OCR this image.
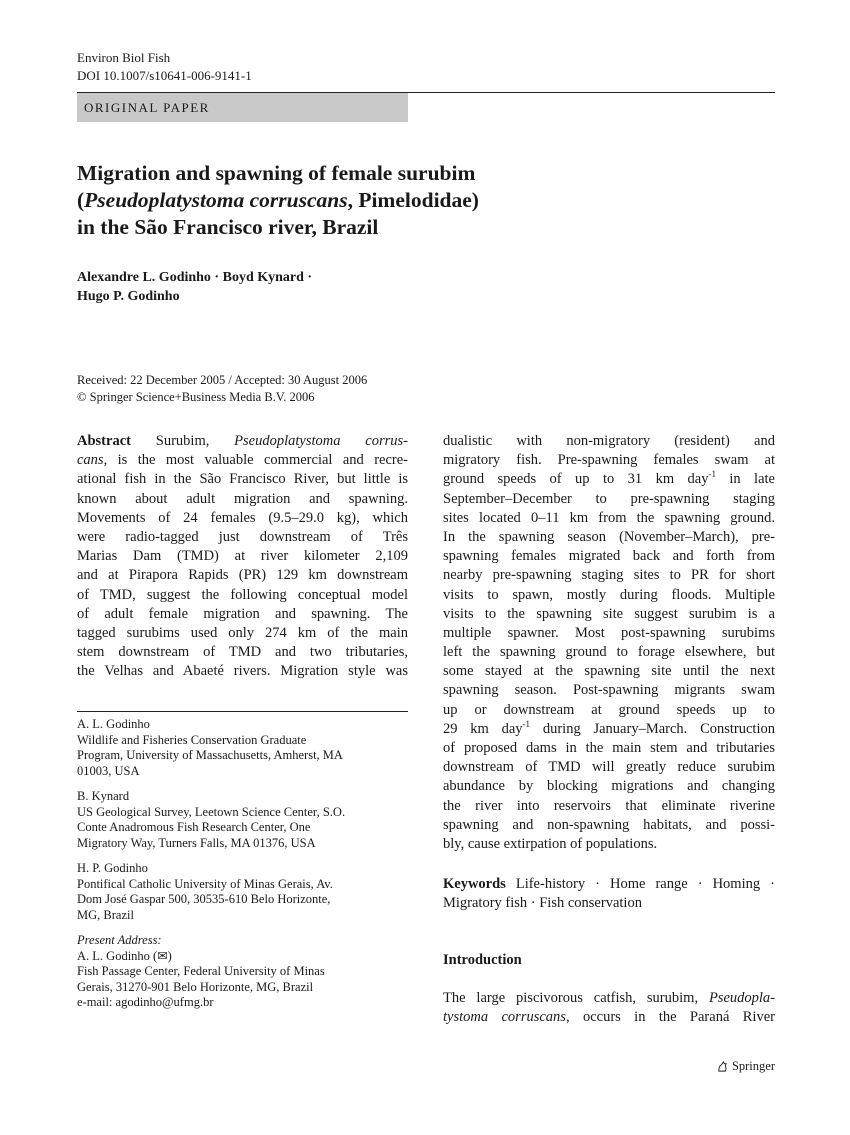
Environ Biol Fish
DOI 10.1007/s10641-006-9141-1
ORIGINAL PAPER
Migration and spawning of female surubim
(Pseudoplatystoma corruscans, Pimelodidae)
in the São Francisco river, Brazil
Alexandre L. Godinho · Boyd Kynard ·
Hugo P. Godinho
Received: 22 December 2005 / Accepted: 30 August 2006
© Springer Science+Business Media B.V. 2006
Abstract Surubim, Pseudoplatystoma corrus-
cans, is the most valuable commercial and recre-
ational fish in the São Francisco River, but little is
known about adult migration and spawning.
Movements of 24 females (9.5–29.0 kg), which
were radio-tagged just downstream of Três
Marias Dam (TMD) at river kilometer 2,109
and at Pirapora Rapids (PR) 129 km downstream
of TMD, suggest the following conceptual model
of adult female migration and spawning. The
tagged surubims used only 274 km of the main
stem downstream of TMD and two tributaries,
the Velhas and Abaeté rivers. Migration style was
A. L. Godinho
Wildlife and Fisheries Conservation Graduate
Program, University of Massachusetts, Amherst, MA
01003, USA
B. Kynard
US Geological Survey, Leetown Science Center, S.O.
Conte Anadromous Fish Research Center, One
Migratory Way, Turners Falls, MA 01376, USA
H. P. Godinho
Pontifical Catholic University of Minas Gerais, Av.
Dom José Gaspar 500, 30535-610 Belo Horizonte,
MG, Brazil
Present Address:
A. L. Godinho (✉)
Fish Passage Center, Federal University of Minas
Gerais, 31270-901 Belo Horizonte, MG, Brazil
e-mail: agodinho@ufmg.br
dualistic with non-migratory (resident) and
migratory fish. Pre-spawning females swam at
ground speeds of up to 31 km day$^{-1}$ in late
September–December to pre-spawning staging
sites located 0–11 km from the spawning ground.
In the spawning season (November–March), pre-
spawning females migrated back and forth from
nearby pre-spawning staging sites to PR for short
visits to spawn, mostly during floods. Multiple
visits to the spawning site suggest surubim is a
multiple spawner. Most post-spawning surubims
left the spawning ground to forage elsewhere, but
some stayed at the spawning site until the next
spawning season. Post-spawning migrants swam
up or downstream at ground speeds up to
29 km day$^{-1}$ during January–March. Construction
of proposed dams in the main stem and tributaries
downstream of TMD will greatly reduce surubim
abundance by blocking migrations and changing
the river into reservoirs that eliminate riverine
spawning and non-spawning habitats, and possi-
bly, cause extirpation of populations.
Keywords Life-history · Home range · Homing ·
Migratory fish · Fish conservation
Introduction
The large piscivorous catfish, surubim, Pseudopla-
tystoma corruscans, occurs in the Paraná River
Springer
